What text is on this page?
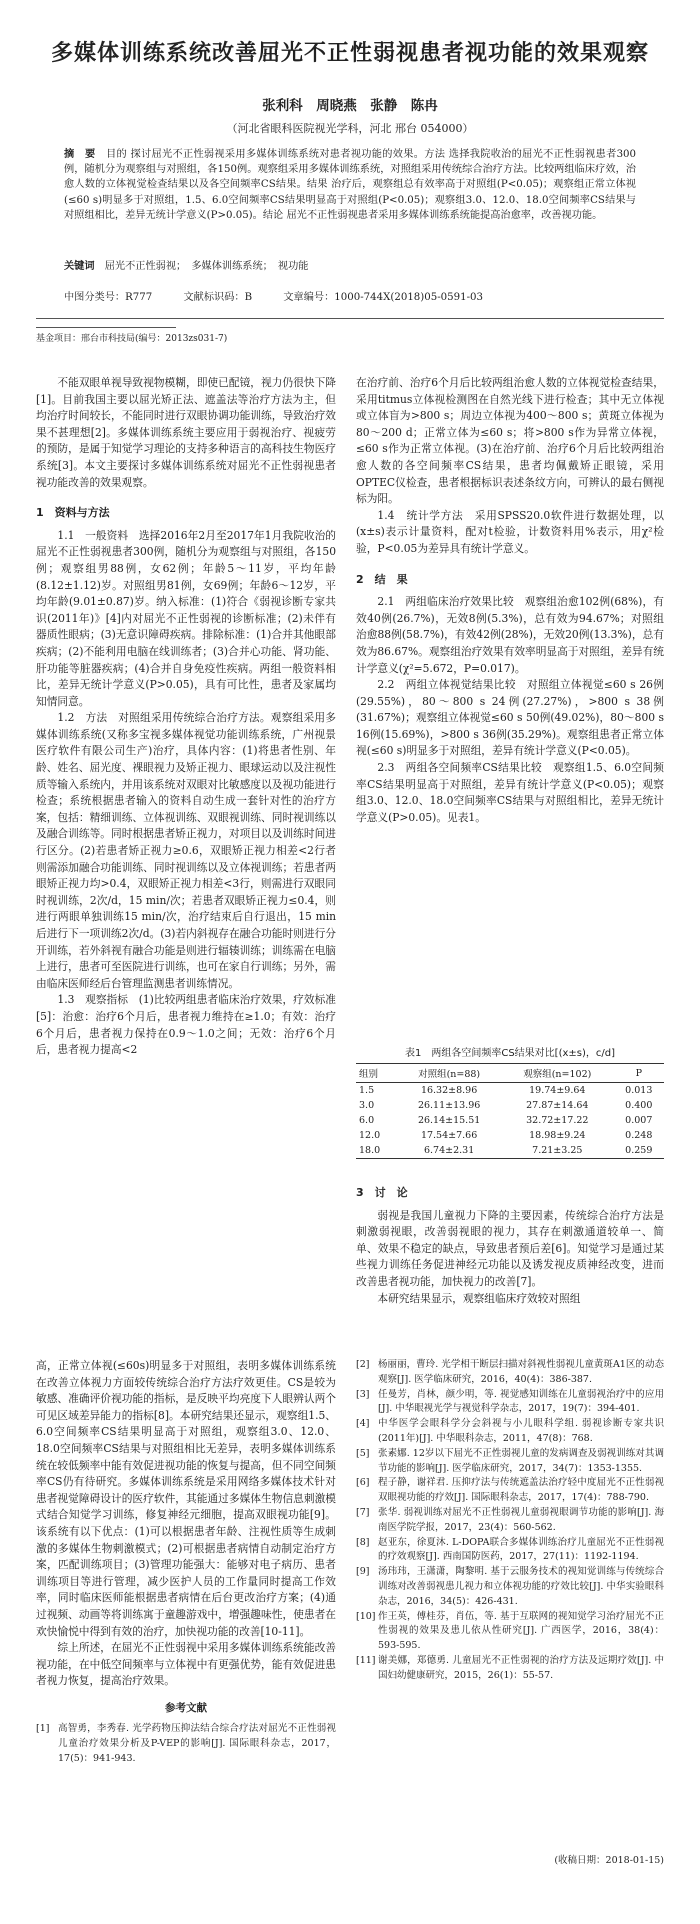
多媒体训练系统改善屈光不正性弱视患者视功能的效果观察
张利科　周晓燕　张静　陈冉
（河北省眼科医院视光学科，河北 邢台 054000）
摘　要　 目的 探讨屈光不正性弱视采用多媒体训练系统对患者视功能的效果。方法 选择我院收治的屈光不正性弱视患者300例，随机分为观察组与对照组，各150例。观察组采用多媒体训练系统，对照组采用传统综合治疗方法。比较两组临床疗效，治愈人数的立体视觉检查结果以及各空间频率CS结果。结果 治疗后，观察组总有效率高于对照组(P<0.05)；观察组正常立体视(≤60 s)明显多于对照组，1.5、6.0空间频率CS结果明显高于对照组(P<0.05)；观察组3.0、12.0、18.0空间频率CS结果与对照组相比，差异无统计学意义(P>0.05)。结论 屈光不正性弱视患者采用多媒体训练系统能提高治愈率，改善视功能。
关键词　 屈光不正性弱视；　多媒体训练系统；　视功能
中图分类号：R777	文献标识码：B	文章编号：1000-744X(2018)05-0591-03
基金项目：邢台市科技局(编号：2013zs031-7)

不能双眼单视导致视物模糊，即使已配镜，视力仍很快下降[1]。目前我国主要以屈光矫正法、遮盖法等治疗方法为主，但均治疗时间较长，不能同时进行双眼协调功能训练，导致治疗效果不甚理想[2]。多媒体训练系统主要应用于弱视治疗、视疲劳的预防，是属于知觉学习理论的支持多种语言的高科技生物医疗系统[3]。本文主要探讨多媒体训练系统对屈光不正性弱视患者视功能改善的效果观察。

1　资料与方法

1.1　一般资料　选择2016年2月至2017年1月我院收治的屈光不正性弱视患者300例，随机分为观察组与对照组，各150例；观察组男88例，女62例；年龄5～11岁，平均年龄(8.12±1.12)岁。对照组男81例，女69例；年龄6～12岁，平均年龄(9.01±0.87)岁。纳入标准：(1)符合《弱视诊断专家共识(2011年)》[4]内对屈光不正性弱视的诊断标准；(2)未伴有器质性眼病；(3)无意识障碍疾病。排除标准：(1)合并其他眼部疾病；(2)不能利用电脑在线训练者；(3)合并心功能、肾功能、肝功能等脏器疾病；(4)合并自身免疫性疾病。两组一般资料相比，差异无统计学意义(P>0.05)，具有可比性，患者及家属均知情同意。

1.2　方法　对照组采用传统综合治疗方法。观察组采用多媒体训练系统(又称多宝视多媒体视觉功能训练系统，广州视景医疗软件有限公司生产)治疗，具体内容：(1)将患者性别、年龄、姓名、屈光度、裸眼视力及矫正视力、眼球运动以及注视性质等输入系统内，并用该系统对双眼对比敏感度以及视功能进行检查；系统根据患者输入的资料自动生成一套针对性的治疗方案，包括：精细训练、立体视训练、双眼视训练、同时视训练以及融合训练等。同时根据患者矫正视力，对项目以及训练时间进行区分。(2)若患者矫正视力≥0.6，双眼矫正视力相差<2行者则需添加融合功能训练、同时视训练以及立体视训练；若患者两眼矫正视力均>0.4，双眼矫正视力相差<3行，则需进行双眼同时视训练，2次/d，15 min/次；若患者双眼矫正视力≤0.4，则进行两眼单独训练15 min/次，治疗结束后自行退出，15 min后进行下一项训练2次/d。(3)若内斜视存在融合功能时则进行分开训练，若外斜视有融合功能是则进行辐辏训练；训练需在电脑上进行，患者可至医院进行训练，也可在家自行训练；另外，需由临床医师经后台管理监测患者训练情况。

1.3　观察指标　(1)比较两组患者临床治疗效果，疗效标准[5]：治愈：治疗6个月后，患者视力维持在≥1.0；有效：治疗6个月后，患者视力保持在0.9～1.0之间；无效：治疗6个月后，患者视力提高<2

在治疗前、治疗6个月后比较两组治愈人数的立体视觉检查结果，采用titmus立体视检测图在自然光线下进行检查；其中无立体视或立体盲为>800 s；周边立体视为400～800 s；黄斑立体视为80～200 d；正常立体为≤60 s；将>800 s作为异常立体视，≤60 s作为正常立体视。(3)在治疗前、治疗6个月后比较两组治愈人数的各空间频率CS结果，患者均佩戴矫正眼镜，采用OPTEC仪检查，患者根据标识表述条纹方向，可辨认的最右侧视标为阳。

1.4　统计学方法　采用SPSS20.0软件进行数据处理，以(x±s)表示计量资料，配对t检验，计数资料用%表示，用χ²检验，P<0.05为差异具有统计学意义。

2　结　果

2.1　两组临床治疗效果比较　观察组治愈102例(68%)，有效40例(26.7%)，无效8例(5.3%)，总有效为94.67%；对照组治愈88例(58.7%)，有效42例(28%)，无效20例(13.3%)，总有效为86.67%。观察组治疗效果有效率明显高于对照组，差异有统计学意义(χ²=5.672，P=0.017)。

2.2　两组立体视觉结果比较　对照组立体视觉≤60 s 26例(29.55%)，80～800 s 24例(27.27%)，>800 s 38例(31.67%)；观察组立体视觉≤60 s 50例(49.02%)，80～800 s 16例(15.69%)，>800 s 36例(35.29%)。观察组患者正常立体视(≤60 s)明显多于对照组，差异有统计学意义(P<0.05)。

2.3　两组各空间频率CS结果比较　观察组1.5、6.0空间频率CS结果明显高于对照组，差异有统计学意义(P<0.05)；观察组3.0、12.0、18.0空间频率CS结果与对照组相比，差异无统计学意义(P>0.05)。见表1。

表1　两组各空间频率CS结果对比[(x±s)，c/d]
组别	对照组(n=88)	观察组(n=102)	P
1.5	16.32±8.96	19.74±9.64	0.013
3.0	26.11±13.96	27.87±14.64	0.400
6.0	26.14±15.51	32.72±17.22	0.007
12.0	17.54±7.66	18.98±9.24	0.248
18.0	6.74±2.31	7.21±3.25	0.259

3　讨　论

弱视是我国儿童视力下降的主要因素，传统综合治疗方法是刺激弱视眼，改善弱视眼的视力，其存在刺激通道较单一、简单、效果不稳定的缺点，导致患者预后差[6]。知觉学习是通过某些视力训练任务促进神经元功能以及诱发视皮质神经改变，进而改善患者视功能，加快视力的改善[7]。

本研究结果显示，观察组临床疗效较对照组

高，正常立体视(≤60s)明显多于对照组，表明多媒体训练系统在改善立体视力方面较传统综合治疗方法疗效更佳。CS是较为敏感、准确评价视功能的指标，是反映平均亮度下人眼辨认两个可见区域差异能力的指标[8]。本研究结果还显示，观察组1.5、6.0空间频率CS结果明显高于对照组，观察组3.0、12.0、18.0空间频率CS结果与对照组相比无差异，表明多媒体训练系统在较低频率中能有效促进视功能的恢复与提高，但不同空间频率CS仍有待研究。多媒体训练系统是采用网络多媒体技术针对患者视觉障碍设计的医疗软件，其能通过多媒体生物信息刺激模式结合知觉学习训练，修复神经元细胞，提高双眼视功能[9]。该系统有以下优点：(1)可以根据患者年龄、注视性质等生成刺激的多媒体生物刺激模式；(2)可根据患者病情自动制定治疗方案，匹配训练项目；(3)管理功能强大：能够对电子病历、患者训练项目等进行管理，减少医护人员的工作量同时提高工作效率，同时临床医师能根据患者病情在后台更改治疗方案；(4)通过视频、动画等将训练寓于童趣游戏中，增强趣味性，使患者在欢快愉悦中得到有效的治疗，加快视功能的改善[10-11]。

综上所述，在屈光不正性弱视中采用多媒体训练系统能改善视功能，在中低空间频率与立体视中有更强优势，能有效促进患者视力恢复，提高治疗效果。

参考文献
[1] 高智勇，李秀春. 光学药物压抑法结合综合疗法对屈光不正性弱视儿童治疗效果分析及P-VEP的影响[J]. 国际眼科杂志，2017，17(5)：941-943.
[2] 杨丽丽，曹玲. 光学相干断层扫描对斜视性弱视儿童黄斑A1区的动态观察[J]. 医学临床研究，2016，40(4)：386-387.
[3] 任曼芳，肖林，颜少明，等. 视觉感知训练在儿童弱视治疗中的应用[J]. 中华眼视光学与视觉科学杂志，2017，19(7)：394-401.
[4] 中华医学会眼科学分会斜视与小儿眼科学组. 弱视诊断专家共识(2011年)[J]. 中华眼科杂志，2011，47(8)：768.
[5] 张素娜. 12岁以下屈光不正性弱视儿童的发病调查及弱视训练对其调节功能的影响[J]. 医学临床研究，2017，34(7)：1353-1355.
[6] 程子静，谢祥君. 压抑疗法与传统遮盖法治疗轻中度屈光不正性弱视双眼视功能的疗效[J]. 国际眼科杂志，2017，17(4)：788-790.
[7] 张华. 弱视训练对屈光不正性弱视儿童弱视眼调节功能的影响[J]. 海南医学院学报，2017，23(4)：560-562.
[8] 赵亚东，徐夏沐. L-DOPA联合多媒体训练治疗儿童屈光不正性弱视的疗效观察[J]. 西南国防医药，2017，27(11)：1192-1194.
[9] 汤玮玮，王潇潇，陶黎明. 基于云服务技术的视知觉训练与传统综合训练对改善弱视患儿视力和立体视功能的疗效比较[J]. 中华实验眼科杂志，2016，34(5)：426-431.
[10] 作王英，傅桂芬，肖伍，等. 基于互联网的视知觉学习治疗屈光不正性弱视的效果及患儿依从性研究[J]. 广西医学，2016，38(4)：593-595.
[11] 谢美娜，郑德勇. 儿童屈光不正性弱视的治疗方法及远期疗效[J]. 中国妇幼健康研究，2015，26(1)：55-57.
(收稿日期：2018-01-15)
